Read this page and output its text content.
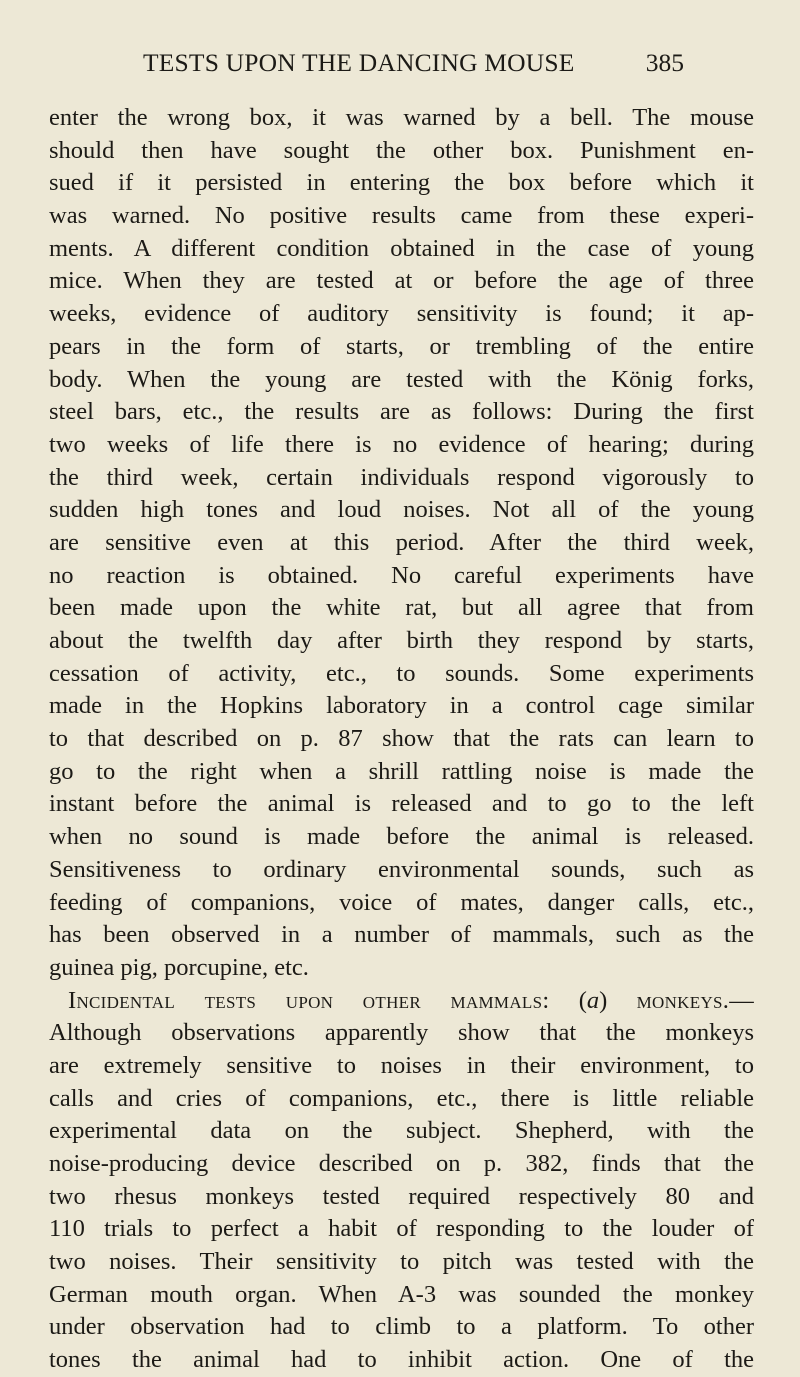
TESTS UPON THE DANCING MOUSE	385
enter the wrong box, it was warned by a bell. The mouse
should then have sought the other box. Punishment en-
sued if it persisted in entering the box before which it
was warned. No positive results came from these experi-
ments. A different condition obtained in the case of young
mice. When they are tested at or before the age of three
weeks, evidence of auditory sensitivity is found; it ap-
pears in the form of starts, or trembling of the entire
body. When the young are tested with the König forks,
steel bars, etc., the results are as follows: During the first
two weeks of life there is no evidence of hearing; during
the third week, certain individuals respond vigorously to
sudden high tones and loud noises. Not all of the young
are sensitive even at this period. After the third week,
no reaction is obtained. No careful experiments have
been made upon the white rat, but all agree that from
about the twelfth day after birth they respond by starts,
cessation of activity, etc., to sounds. Some experiments
made in the Hopkins laboratory in a control cage similar
to that described on p. 87 show that the rats can learn to
go to the right when a shrill rattling noise is made the
instant before the animal is released and to go to the left
when no sound is made before the animal is released.
Sensitiveness to ordinary environmental sounds, such as
feeding of companions, voice of mates, danger calls, etc.,
has been observed in a number of mammals, such as the
guinea pig, porcupine, etc.
Incidental tests upon other mammals: (a) monkeys.—
Although observations apparently show that the monkeys
are extremely sensitive to noises in their environment, to
calls and cries of companions, etc., there is little reliable
experimental data on the subject. Shepherd, with the
noise-producing device described on p. 382, finds that the
two rhesus monkeys tested required respectively 80 and
110 trials to perfect a habit of responding to the louder of
two noises. Their sensitivity to pitch was tested with the
German mouth organ. When A-3 was sounded the monkey
under observation had to climb to a platform. To other
tones the animal had to inhibit action. One of the
